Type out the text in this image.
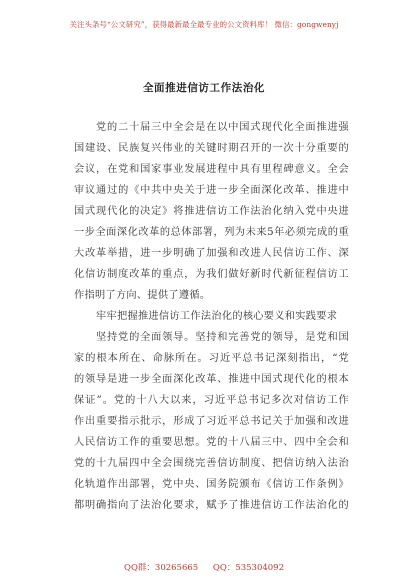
关注头条号“公文研究”，获得最新最全最专业的公文资料库！ 微信：gongwenyj
全面推进信访工作法治化
党的二十届三中全会是在以中国式现代化全面推进强
国建设、民族复兴伟业的关键时期召开的一次十分重要的
会议，在党和国家事业发展进程中具有里程碑意义。全会
审议通过的《中共中央关于进一步全面深化改革、推进中
国式现代化的决定》将推进信访工作法治化纳入党中央进
一步全面深化改革的总体部署，列为未来5年必须完成的重
大改革举措，进一步明确了加强和改进人民信访工作、深
化信访制度改革的重点，为我们做好新时代新征程信访工
作指明了方向、提供了遵循。
牢牢把握推进信访工作法治化的核心要义和实践要求
坚持党的全面领导。坚持和完善党的领导，是党和国
家的根本所在、命脉所在。习近平总书记深刻指出，“党
的领导是进一步全面深化改革、推进中国式现代化的根本
保证”。党的十八大以来，习近平总书记多次对信访工作
作出重要指示批示，形成了习近平总书记关于加强和改进
人民信访工作的重要思想。党的十八届三中、四中全会和
党的十九届四中全会围绕完善信访制度、把信访纳入法治
化轨道作出部署，党中央、国务院颁布《信访工作条例》
都明确指向了法治化要求，赋予了推进信访工作法治化的
QQ群：30265665 QQ：535304092
